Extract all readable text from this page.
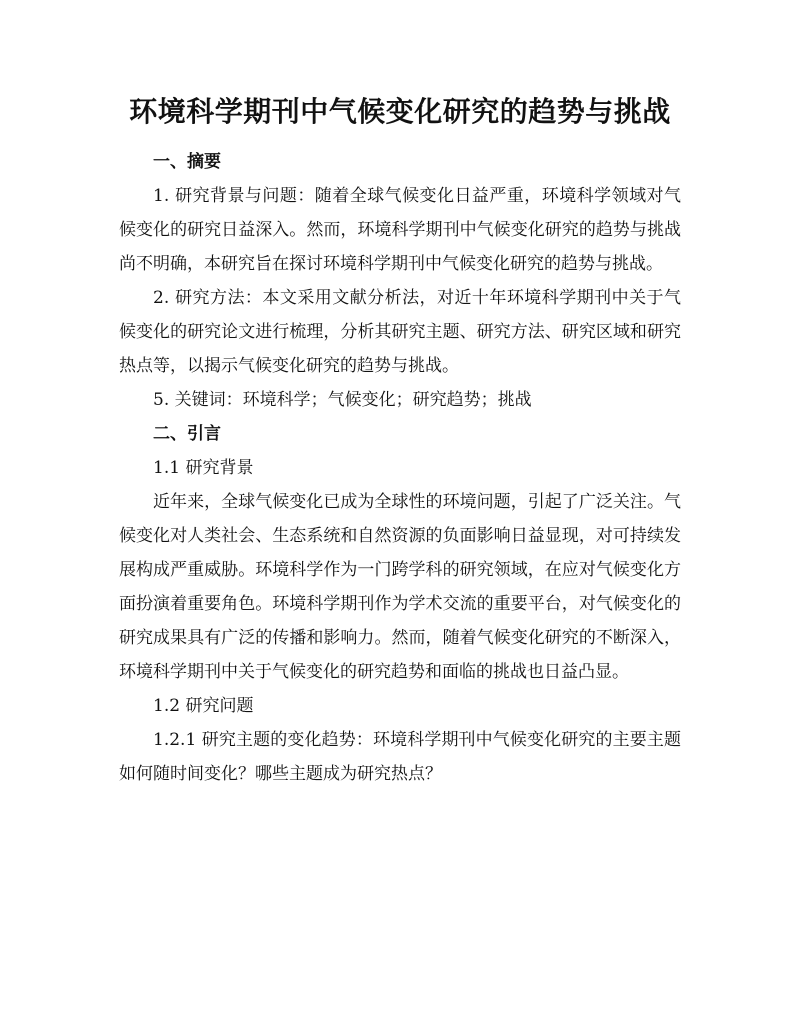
环境科学期刊中气候变化研究的趋势与挑战
一、摘要

1. 研究背景与问题：随着全球气候变化日益严重，环境科学领域对气候变化的研究日益深入。然而，环境科学期刊中气候变化研究的趋势与挑战尚不明确，本研究旨在探讨环境科学期刊中气候变化研究的趋势与挑战。

2. 研究方法：本文采用文献分析法，对近十年环境科学期刊中关于气候变化的研究论文进行梳理，分析其研究主题、研究方法、研究区域和研究热点等，以揭示气候变化研究的趋势与挑战。

5. 关键词：环境科学；气候变化；研究趋势；挑战

二、引言

1.1 研究背景

近年来，全球气候变化已成为全球性的环境问题，引起了广泛关注。气候变化对人类社会、生态系统和自然资源的负面影响日益显现，对可持续发展构成严重威胁。环境科学作为一门跨学科的研究领域，在应对气候变化方面扮演着重要角色。环境科学期刊作为学术交流的重要平台，对气候变化的研究成果具有广泛的传播和影响力。然而，随着气候变化研究的不断深入，环境科学期刊中关于气候变化的研究趋势和面临的挑战也日益凸显。

1.2 研究问题

1.2.1 研究主题的变化趋势：环境科学期刊中气候变化研究的主要主题如何随时间变化？哪些主题成为研究热点？
